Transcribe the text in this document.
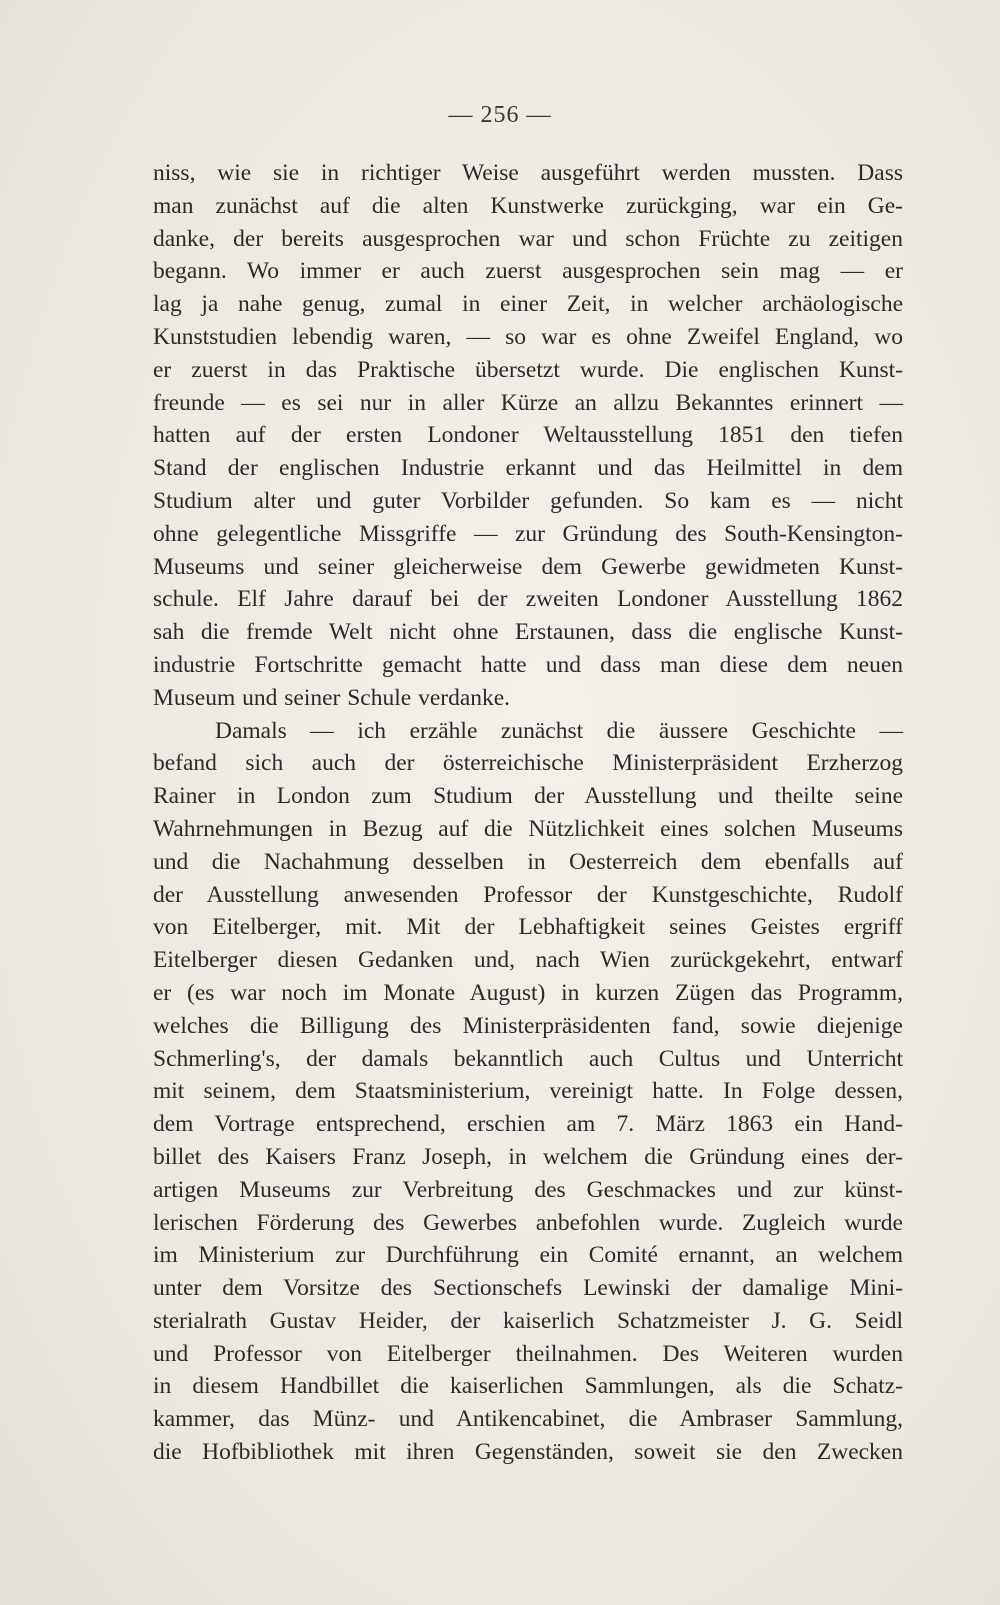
— 256 —
niss, wie sie in richtiger Weise ausgeführt werden mussten. Dass
man zunächst auf die alten Kunstwerke zurückging, war ein Ge-
danke, der bereits ausgesprochen war und schon Früchte zu zeitigen
begann. Wo immer er auch zuerst ausgesprochen sein mag — er
lag ja nahe genug, zumal in einer Zeit, in welcher archäologische
Kunststudien lebendig waren, — so war es ohne Zweifel England, wo
er zuerst in das Praktische übersetzt wurde. Die englischen Kunst-
freunde — es sei nur in aller Kürze an allzu Bekanntes erinnert —
hatten auf der ersten Londoner Weltausstellung 1851 den tiefen
Stand der englischen Industrie erkannt und das Heilmittel in dem
Studium alter und guter Vorbilder gefunden. So kam es — nicht
ohne gelegentliche Missgriffe — zur Gründung des South-Kensington-
Museums und seiner gleicherweise dem Gewerbe gewidmeten Kunst-
schule. Elf Jahre darauf bei der zweiten Londoner Ausstellung 1862
sah die fremde Welt nicht ohne Erstaunen, dass die englische Kunst-
industrie Fortschritte gemacht hatte und dass man diese dem neuen
Museum und seiner Schule verdanke.
Damals — ich erzähle zunächst die äussere Geschichte —
befand sich auch der österreichische Ministerpräsident Erzherzog
Rainer in London zum Studium der Ausstellung und theilte seine
Wahrnehmungen in Bezug auf die Nützlichkeit eines solchen Museums
und die Nachahmung desselben in Oesterreich dem ebenfalls auf
der Ausstellung anwesenden Professor der Kunstgeschichte, Rudolf
von Eitelberger, mit. Mit der Lebhaftigkeit seines Geistes ergriff
Eitelberger diesen Gedanken und, nach Wien zurückgekehrt, entwarf
er (es war noch im Monate August) in kurzen Zügen das Programm,
welches die Billigung des Ministerpräsidenten fand, sowie diejenige
Schmerling's, der damals bekanntlich auch Cultus und Unterricht
mit seinem, dem Staatsministerium, vereinigt hatte. In Folge dessen,
dem Vortrage entsprechend, erschien am 7. März 1863 ein Hand-
billet des Kaisers Franz Joseph, in welchem die Gründung eines der-
artigen Museums zur Verbreitung des Geschmackes und zur künst-
lerischen Förderung des Gewerbes anbefohlen wurde. Zugleich wurde
im Ministerium zur Durchführung ein Comité ernannt, an welchem
unter dem Vorsitze des Sectionschefs Lewinski der damalige Mini-
sterialrath Gustav Heider, der kaiserlich Schatzmeister J. G. Seidl
und Professor von Eitelberger theilnahmen. Des Weiteren wurden
in diesem Handbillet die kaiserlichen Sammlungen, als die Schatz-
kammer, das Münz- und Antikencabinet, die Ambraser Sammlung,
die Hofbibliothek mit ihren Gegenständen, soweit sie den Zwecken
